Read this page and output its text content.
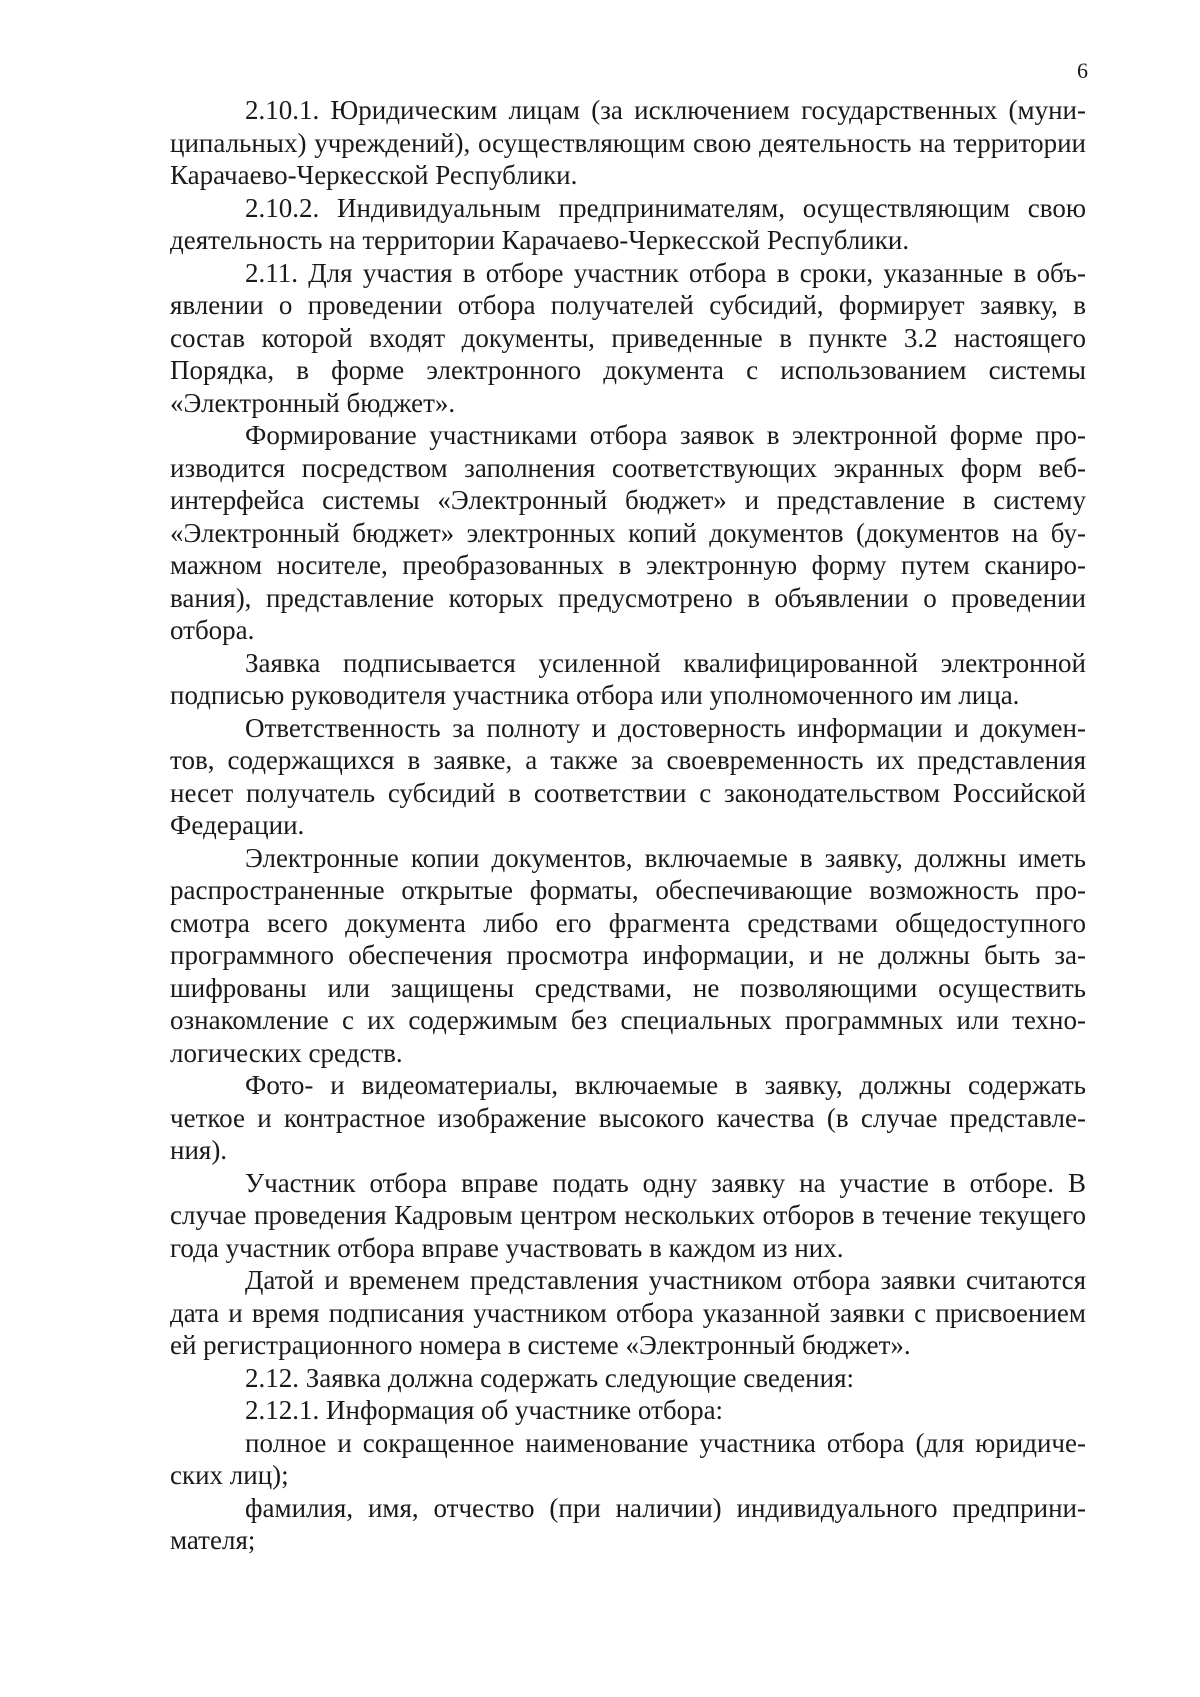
6

2.10.1. Юридическим лицам (за исключением государственных (муниципальных) учреждений), осуществляющим свою деятельность на территории Карачаево-Черкесской Республики.

2.10.2. Индивидуальным предпринимателям, осуществляющим свою деятельность на территории Карачаево-Черкесской Республики.

2.11. Для участия в отборе участник отбора в сроки, указанные в объявлении о проведении отбора получателей субсидий, формирует заявку, в состав которой входят документы, приведенные в пункте 3.2 настоящего Порядка, в форме электронного документа с использованием системы «Электронный бюджет».

Формирование участниками отбора заявок в электронной форме производится посредством заполнения соответствующих экранных форм веб-интерфейса системы «Электронный бюджет» и представление в систему «Электронный бюджет» электронных копий документов (документов на бумажном носителе, преобразованных в электронную форму путем сканирования), представление которых предусмотрено в объявлении о проведении отбора.

Заявка подписывается усиленной квалифицированной электронной подписью руководителя участника отбора или уполномоченного им лица.

Ответственность за полноту и достоверность информации и документов, содержащихся в заявке, а также за своевременность их представления несет получатель субсидий в соответствии с законодательством Российской Федерации.

Электронные копии документов, включаемые в заявку, должны иметь распространенные открытые форматы, обеспечивающие возможность просмотра всего документа либо его фрагмента средствами общедоступного программного обеспечения просмотра информации, и не должны быть зашифрованы или защищены средствами, не позволяющими осуществить ознакомление с их содержимым без специальных программных или технологических средств.

Фото- и видеоматериалы, включаемые в заявку, должны содержать четкое и контрастное изображение высокого качества (в случае представления).

Участник отбора вправе подать одну заявку на участие в отборе. В случае проведения Кадровым центром нескольких отборов в течение текущего года участник отбора вправе участвовать в каждом из них.

Датой и временем представления участником отбора заявки считаются дата и время подписания участником отбора указанной заявки с присвоением ей регистрационного номера в системе «Электронный бюджет».

2.12. Заявка должна содержать следующие сведения:

2.12.1. Информация об участнике отбора:

полное и сокращенное наименование участника отбора (для юридических лиц);

фамилия, имя, отчество (при наличии) индивидуального предпринимателя;
